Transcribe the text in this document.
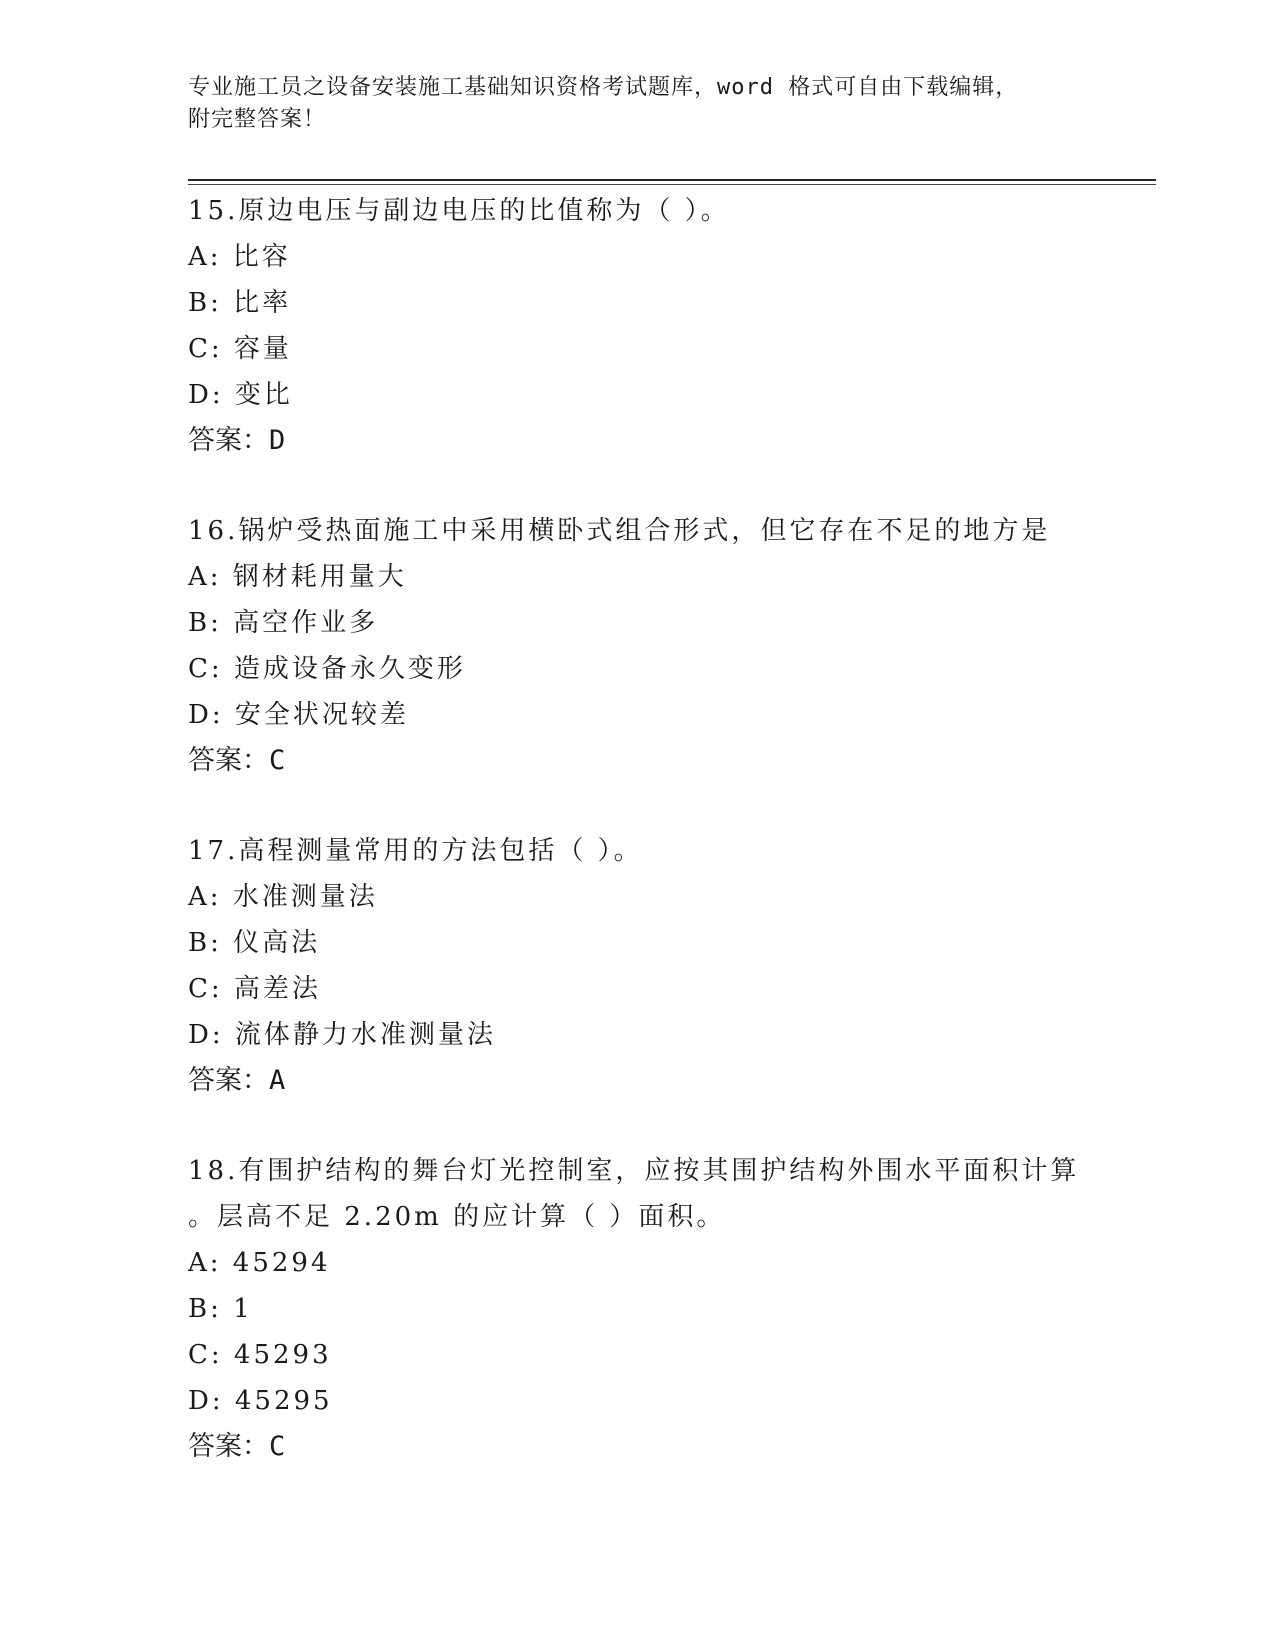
专业施工员之设备安装施工基础知识资格考试题库，word 格式可自由下载编辑，
附完整答案！
15.原边电压与副边电压的比值称为（ ）。
A: 比容
B: 比率
C: 容量
D: 变比
答案：D
16.锅炉受热面施工中采用横卧式组合形式，但它存在不足的地方是
A: 钢材耗用量大
B: 高空作业多
C: 造成设备永久变形
D: 安全状况较差
答案：C
17.高程测量常用的方法包括（ ）。
A: 水准测量法
B: 仪高法
C: 高差法
D: 流体静力水准测量法
答案：A
18.有围护结构的舞台灯光控制室，应按其围护结构外围水平面积计算
。层高不足 2.20m 的应计算（ ）面积。
A: 45294
B: 1
C: 45293
D: 45295
答案：C
